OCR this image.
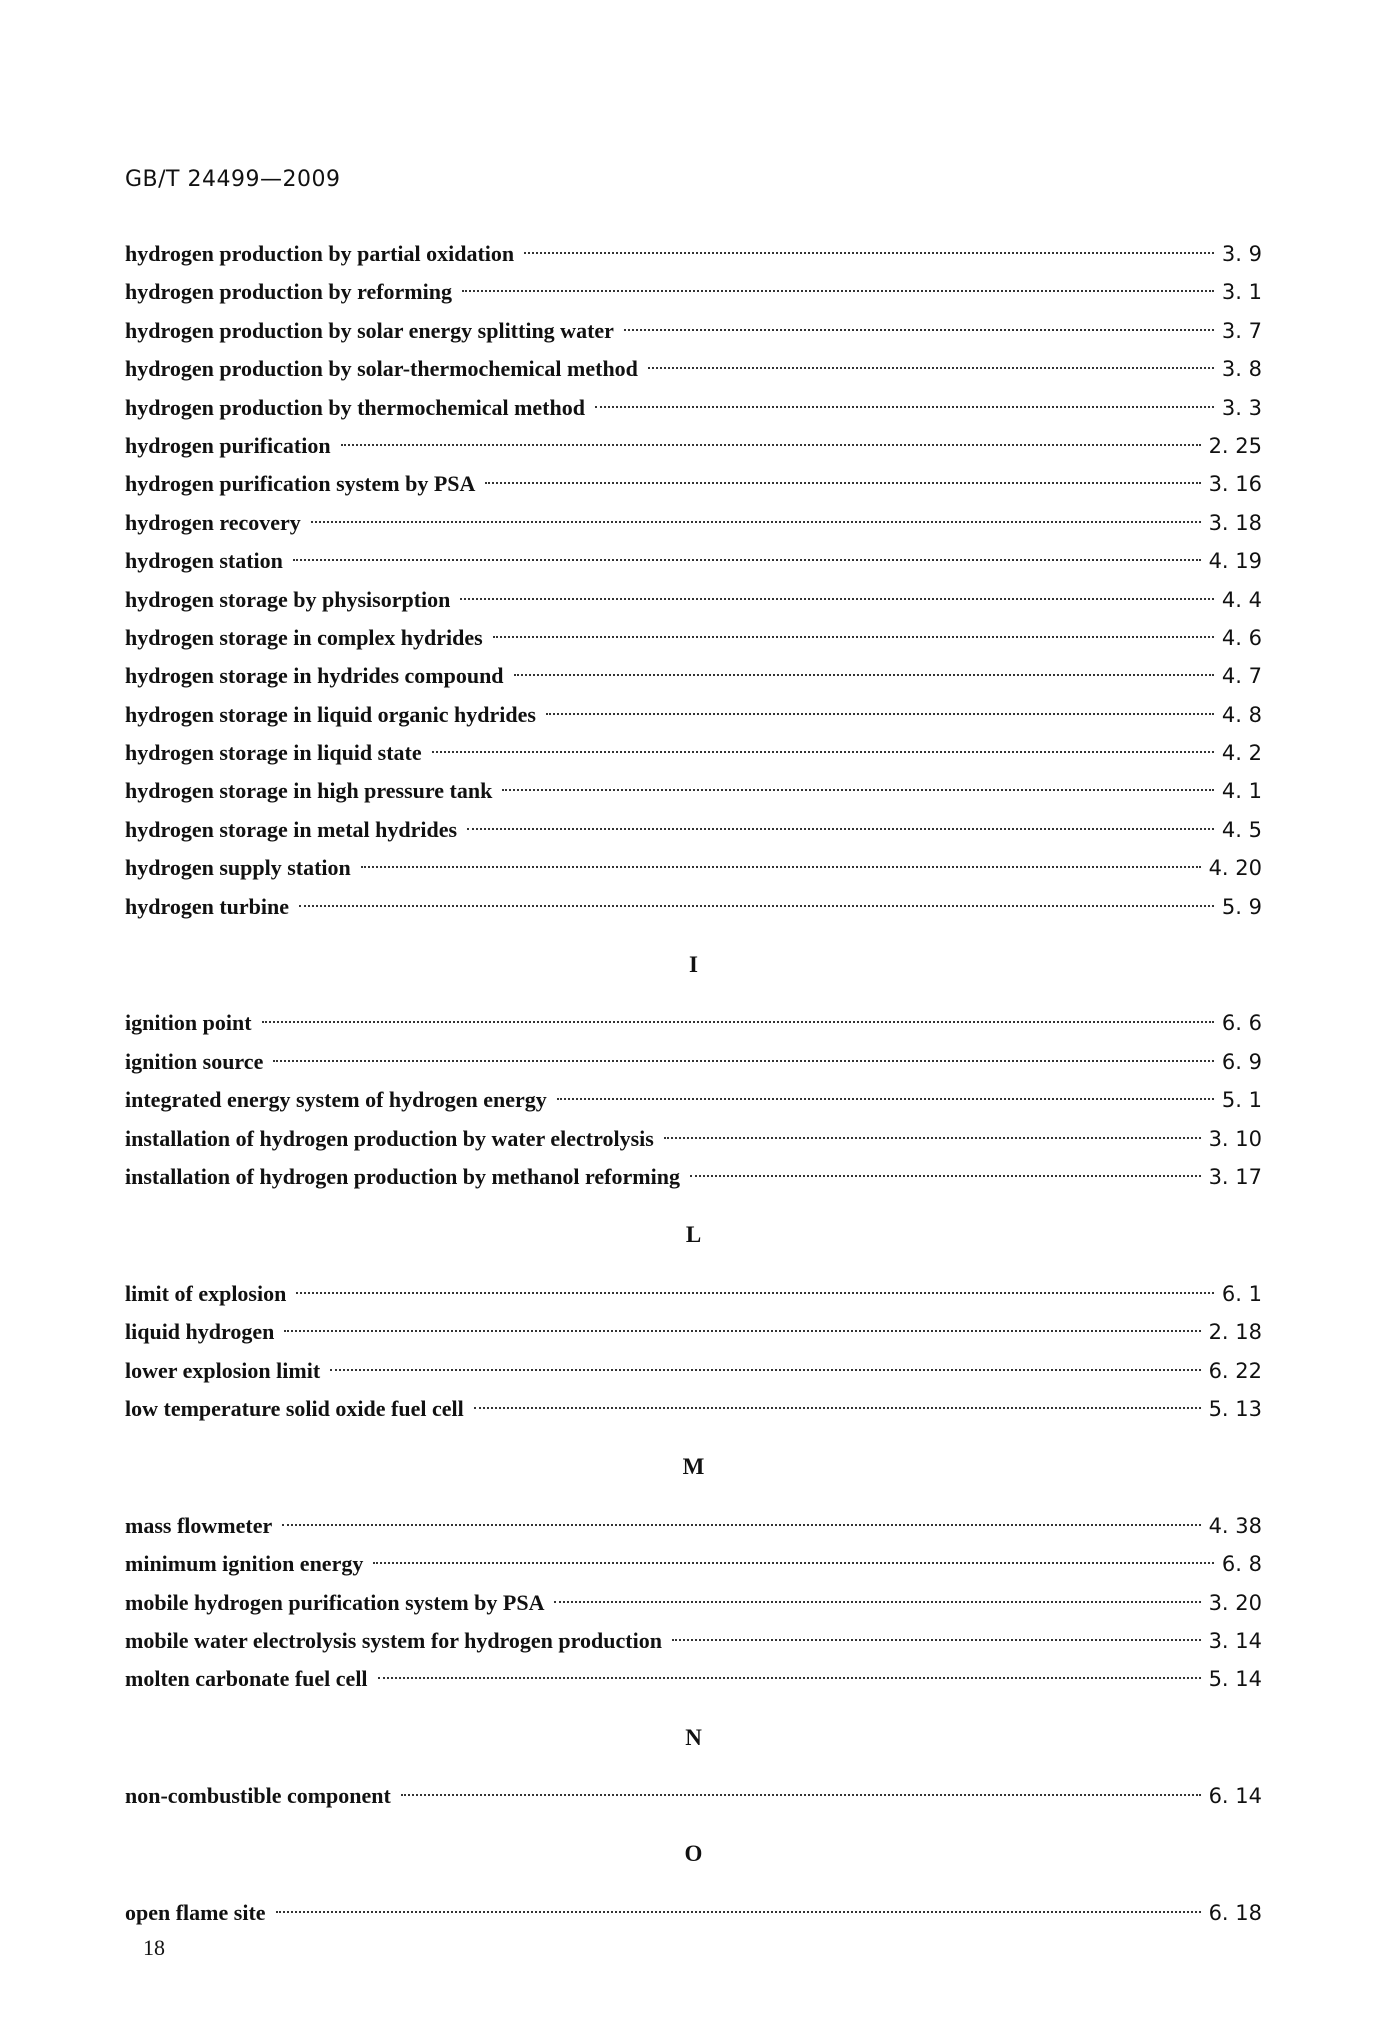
GB/T 24499—2009
hydrogen production by partial oxidation	3. 9
hydrogen production by reforming	3. 1
hydrogen production by solar energy splitting water	3. 7
hydrogen production by solar-thermochemical method	3. 8
hydrogen production by thermochemical method	3. 3
hydrogen purification	2. 25
hydrogen purification system by PSA	3. 16
hydrogen recovery	3. 18
hydrogen station	4. 19
hydrogen storage by physisorption	4. 4
hydrogen storage in complex hydrides	4. 6
hydrogen storage in hydrides compound	4. 7
hydrogen storage in liquid organic hydrides	4. 8
hydrogen storage in liquid state	4. 2
hydrogen storage in high pressure tank	4. 1
hydrogen storage in metal hydrides	4. 5
hydrogen supply station	4. 20
hydrogen turbine	5. 9
I
ignition point	6. 6
ignition source	6. 9
integrated energy system of hydrogen energy	5. 1
installation of hydrogen production by water electrolysis	3. 10
installation of hydrogen production by methanol reforming	3. 17
L
limit of explosion	6. 1
liquid hydrogen	2. 18
lower explosion limit	6. 22
low temperature solid oxide fuel cell	5. 13
M
mass flowmeter	4. 38
minimum ignition energy	6. 8
mobile hydrogen purification system by PSA	3. 20
mobile water electrolysis system for hydrogen production	3. 14
molten carbonate fuel cell	5. 14
N
non-combustible component	6. 14
O
open flame site	6. 18
18
